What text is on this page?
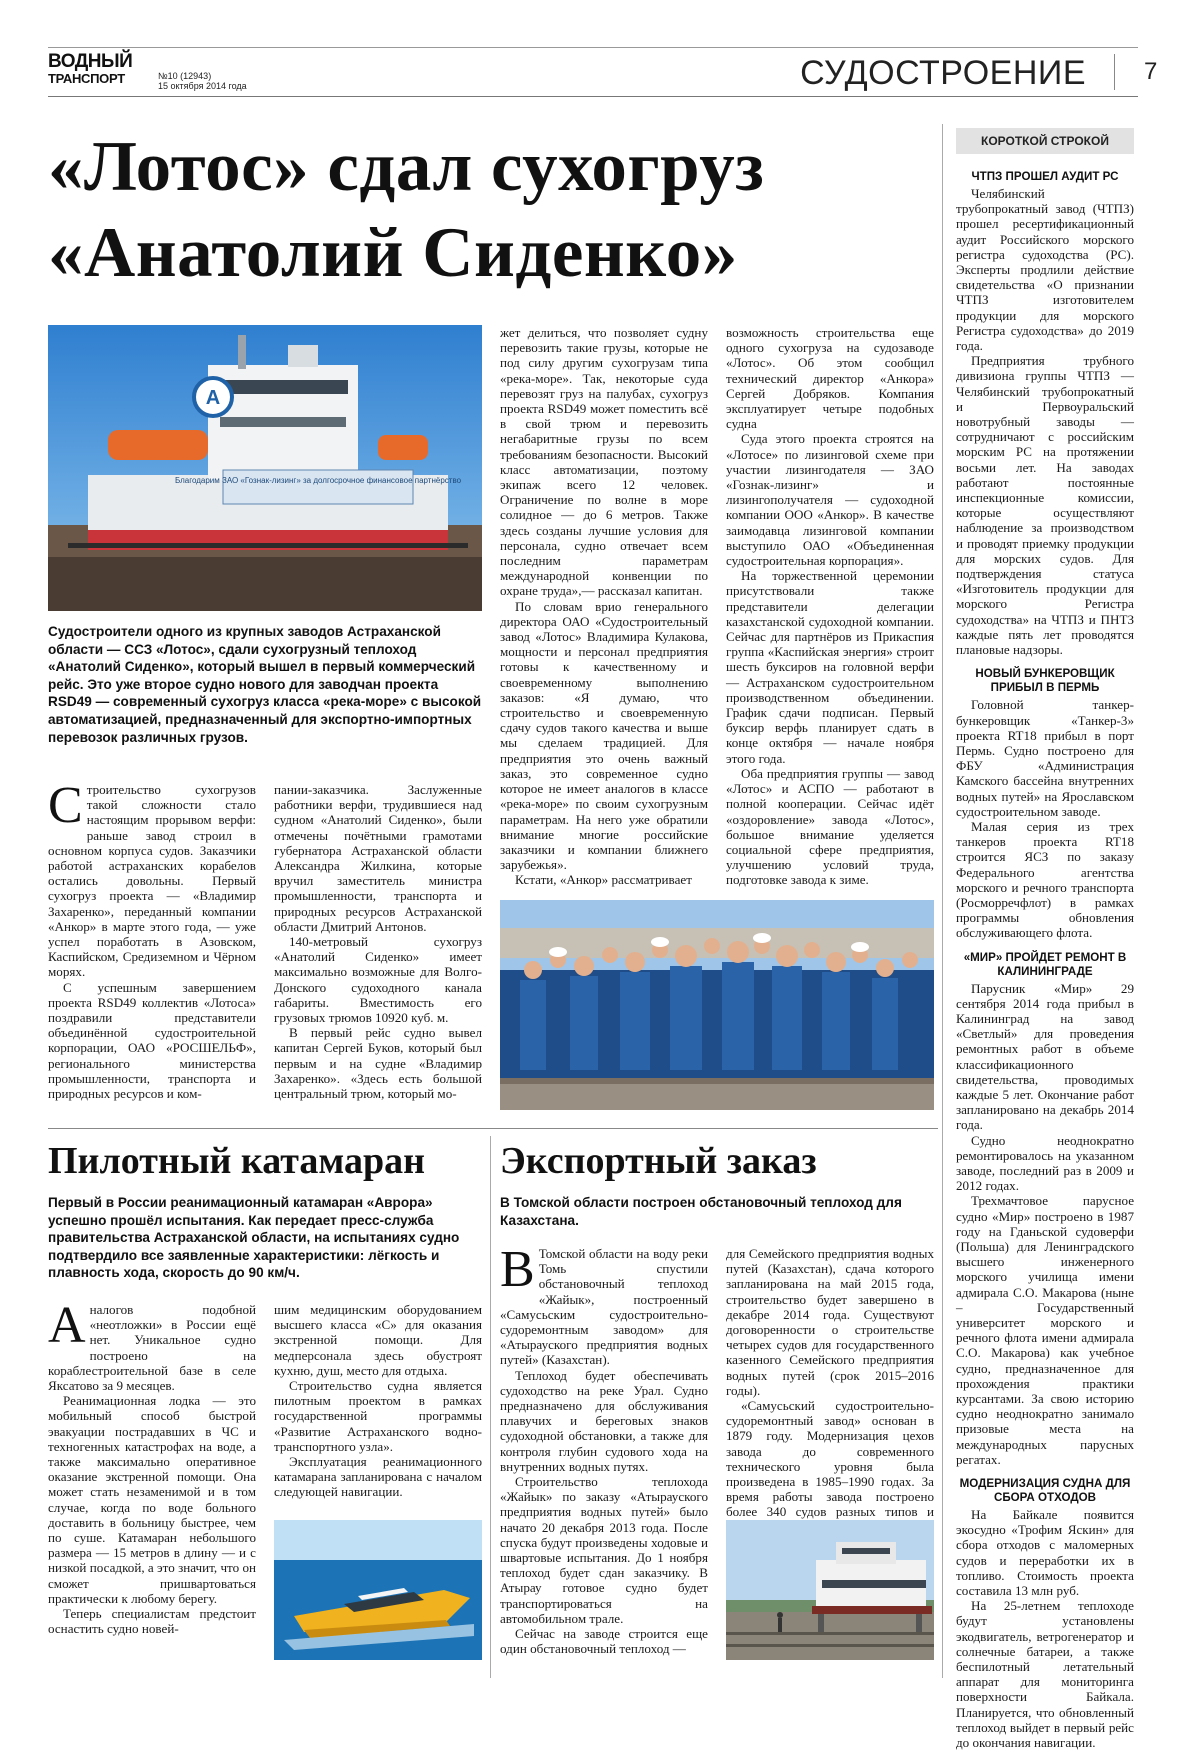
ВОДНЫЙ
ТРАНСПОРТ	№10 (12943)
15 октября 2014 года	СУДОСТРОЕНИЕ 7
«Лотос» сдал сухогруз «Анатолий Сиденко»
А
Благодарим ЗАО «Гознак-лизинг» за долгосрочное финансовое партнёрство
Судостроители одного из крупных заводов Астраханской области — ССЗ «Лотос», сдали сухогрузный теплоход «Анатолий Сиденко», который вышел в первый коммерческий рейс. Это уже второе судно нового для заводчан проекта RSD49 — современный сухогруз класса «река-море» с высокой автоматизацией, предназначенный для экспортно-импортных перевозок различных грузов.
С троительство сухогрузов такой сложности стало настоящим прорывом верфи: раньше завод строил в основном корпуса судов. Заказчики работой астраханских корабелов остались довольны. Первый сухогруз проекта — «Владимир Захаренко», переданный компании «Анкор» в марте этого года, — уже успел поработать в Азовском, Каспийском, Средиземном и Чёрном морях.

С успешным завершением проекта RSD49 коллектив «Лотоса» поздравили представители объединённой судостроительной корпорации, ОАО «РОСШЕЛЬФ», регионального министерства промышленности, транспорта и природных ресурсов и ком-

пании-заказчика. Заслуженные работники верфи, трудившиеся над судном «Анатолий Сиденко», были отмечены почётными грамотами губернатора Астраханской области Александра Жилкина, которые вручил заместитель министра промышленности, транспорта и природных ресурсов Астраханской области Дмитрий Антонов.

140-метровый сухогруз «Анатолий Сиденко» имеет максимально возможные для Волго-Донского судоходного канала габариты. Вместимость его грузовых трюмов 10920 куб. м.

В первый рейс судно вывел капитан Сергей Буков, который был первым и на судне «Владимир Захаренко». «Здесь есть большой центральный трюм, который мо-

жет делиться, что позволяет судну перевозить такие грузы, которые не под силу другим сухогрузам типа «река-море». Так, некоторые суда перевозят груз на палубах, сухогруз проекта RSD49 может поместить всё в свой трюм и перевозить негабаритные грузы по всем требованиям безопасности. Высокий класс автоматизации, поэтому экипаж всего 12 человек. Ограничение по волне в море солидное — до 6 метров. Также здесь созданы лучшие условия для персонала, судно отвечает всем последним параметрам международной конвенции по охране труда»,— рассказал капитан.

По словам врио генерального директора ОАО «Судостроительный завод «Лотос» Владимира Кулакова, мощности и персонал предприятия готовы к качественному и своевременному выполнению заказов: «Я думаю, что строительство и своевременную сдачу судов такого качества и выше мы сделаем традицией. Для предприятия это очень важный заказ, это современное судно которое не имеет аналогов в классе «река-море» по своим сухогрузным параметрам. На него уже обратили внимание многие российские заказчики и компании ближнего зарубежья».

Кстати, «Анкор» рассматривает

возможность строительства еще одного сухогруза на судозаводе «Лотос». Об этом сообщил технический директор «Анкора» Сергей Добряков. Компания эксплуатирует четыре подобных судна

Суда этого проекта строятся на «Лотосе» по лизинговой схеме при участии лизингодателя — ЗАО «Гознак-лизинг» и лизингополучателя — судоходной компании ООО «Анкор». В качестве заимодавца лизинговой компании выступило ОАО «Объединенная судостроительная корпорация».

На торжественной церемонии присутствовали также представители делегации казахстанской судоходной компании. Сейчас для партнёров из Прикаспия группа «Каспийская энергия» строит шесть буксиров на головной верфи — Астраханском судостроительном производственном объединении. График сдачи подписан. Первый буксир верфь планирует сдать в конце октября — начале ноября этого года.

Оба предприятия группы — завод «Лотос» и АСПО — работают в полной кооперации. Сейчас идёт «оздоровление» завода «Лотос», большое внимание уделяется социальной сфере предприятия, улучшению условий труда, подготовке завода к зиме.

Пилотный катамаран
Первый в России реанимационный катамаран «Аврора» успешно прошёл испытания. Как передает пресс-служба правительства Астраханской области, на испытаниях судно подтвердило все заявленные характеристики: лёгкость и плавность хода, скорость до 90 км/ч.
А налогов подобной «неотложки» в России ещё нет. Уникальное судно построено на кораблестроительной базе в селе Яксатово за 9 месяцев.

Реанимационная лодка — это мобильный способ быстрой эвакуации пострадавших в ЧС и техногенных катастрофах на воде, а также максимально оперативное оказание экстренной помощи. Она может стать незаменимой и в том случае, когда по воде больного доставить в больницу быстрее, чем по суше. Катамаран небольшого размера — 15 метров в длину — и с низкой посадкой, а это значит, что он сможет пришвартоваться практически к любому берегу.

Теперь специалистам предстоит оснастить судно новей-

шим медицинским оборудованием высшего класса «С» для оказания экстренной помощи. Для медперсонала здесь обустроят кухню, душ, место для отдыха.

Строительство судна является пилотным проектом в рамках государственной программы «Развитие Астраханского водно-транспортного узла».

Эксплуатация реанимационного катамарана запланирована с началом следующей навигации.

Экспортный заказ
В Томской области построен обстановочный теплоход для Казахстана.
В Томской области на воду реки Томь спустили обстановочный теплоход «Жайык», построенный «Самусьским судостроительно-судоремонтным заводом» для «Атырауского предприятия водных путей» (Казахстан).

Теплоход будет обеспечивать судоходство на реке Урал. Судно предназначено для обслуживания плавучих и береговых знаков судоходной обстановки, а также для контроля глубин судового хода на внутренних водных путях.

Строительство теплохода «Жайык» по заказу «Атырауского предприятия водных путей» было начато 20 декабря 2013 года. После спуска будут произведены ходовые и швартовые испытания. До 1 ноября теплоход будет сдан заказчику. В Атырау готовое судно будет транспортироваться на автомобильном трале.

Сейчас на заводе строится еще один обстановочный теплоход —

для Семейского предприятия водных путей (Казахстан), сдача которого запланирована на май 2015 года, строительство будет завершено в декабре 2014 года. Существуют договоренности о строительстве четырех судов для государственного казенного Семейского предприятия водных путей (срок 2015–2016 годы).

«Самусьский судостроительно-судоремонтный завод» основан в 1879 году. Модернизация цехов завода до современного технического уровня была произведена в 1985–1990 годах. За время работы завода построено более 340 судов разных типов и

КОРОТКОЙ СТРОКОЙ
ЧТПЗ ПРОШЕЛ АУДИТ РС

Челябинский трубопрокатный завод (ЧТПЗ) прошел ресертификационный аудит Российского морского регистра судоходства (РС). Эксперты продлили действие свидетельства «О признании ЧТПЗ изготовителем продукции для морского Регистра судоходства» до 2019 года.

Предприятия трубного дивизиона группы ЧТПЗ — Челябинский трубопрокатный и Первоуральский новотрубный заводы — сотрудничают с российским морским РС на протяжении восьми лет. На заводах работают постоянные инспекционные комиссии, которые осуществляют наблюдение за производством и проводят приемку продукции для морских судов. Для подтверждения статуса «Изготовитель продукции для морского Регистра судоходства» на ЧТПЗ и ПНТЗ каждые пять лет проводятся плановые надзоры.

НОВЫЙ БУНКЕРОВЩИК ПРИБЫЛ В ПЕРМЬ

Головной танкер-бункеровщик «Танкер-3» проекта RT18 прибыл в порт Пермь. Судно построено для ФБУ «Администрация Камского бассейна внутренних водных путей» на Ярославском судостроительном заводе.

Малая серия из трех танкеров проекта RT18 строится ЯСЗ по заказу Федерального агентства морского и речного транспорта (Росморречфлот) в рамках программы обновления обслуживающего флота.

«МИР» ПРОЙДЕТ РЕМОНТ В КАЛИНИНГРАДЕ

Парусник «Мир» 29 сентября 2014 года прибыл в Калининград на завод «Светлый» для проведения ремонтных работ в объеме классификационного свидетельства, проводимых каждые 5 лет. Окончание работ запланировано на декабрь 2014 года.

Судно неоднократно ремонтировалось на указанном заводе, последний раз в 2009 и 2012 годах.

Трехмачтовое парусное судно «Мир» построено в 1987 году на Гданьской судоверфи (Польша) для Ленинградского высшего инженерного морского училища имени адмирала С.О. Макарова (ныне – Государственный университет морского и речного флота имени адмирала С.О. Макарова) как учебное судно, предназначенное для прохождения практики курсантами. За свою историю судно неоднократно занимало призовые места на международных парусных регатах.

МОДЕРНИЗАЦИЯ СУДНА ДЛЯ СБОРА ОТХОДОВ

На Байкале появится экосудно «Трофим Яскин» для сбора отходов с маломерных судов и переработки их в топливо. Стоимость проекта составила 13 млн руб.

На 25-летнем теплоходе будут установлены экодвигатель, ветрогенератор и солнечные батареи, а также беспилотный летательный аппарат для мониторинга поверхности Байкала. Планируется, что обновленный теплоход выйдет в первый рейс до окончания навигации.
